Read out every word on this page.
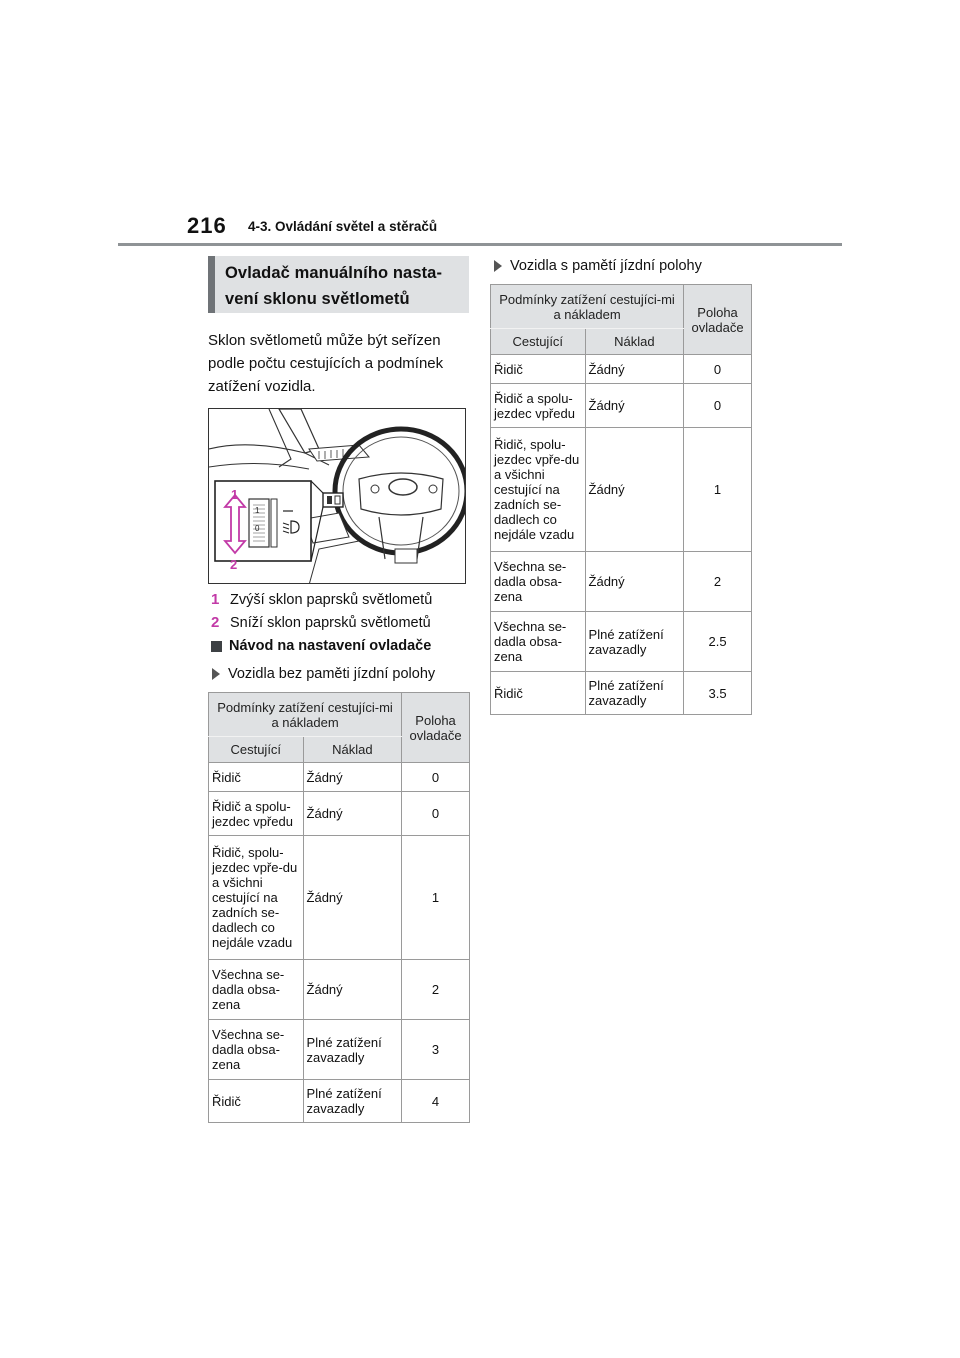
216 4-3. Ovládání světel a stěračů
Ovladač manuálního nasta-
vení sklonu světlometů
Sklon světlometů může být seřízen
podle počtu cestujících a podmínek
zatížení vozidla.
1
2
1
0
1 Zvýší sklon paprsků světlometů
2 Sníží sklon paprsků světlometů
Návod na nastavení ovladače
Vozidla bez paměti jízdní polohy
Podmínky zatížení cestujíci-mi a nákladem		Poloha ovladače
Cestující	Náklad	
Řidič	Žádný	0
Řidič a spolu-jezdec vpředu	Žádný	0
Řidič, spolu-jezdec vpře-du a všichni cestující na zadních se-dadlech co nejdále vzadu	Žádný	1
Všechna se-dadla obsa-zena	Žádný	2
Všechna se-dadla obsa-zena	Plné zatížení zavazadly	3
Řidič	Plné zatížení zavazadly	4
Vozidla s pamětí jízdní polohy
Podmínky zatížení cestujíci-mi a nákladem		Poloha ovladače
Cestující	Náklad	
Řidič	Žádný	0
Řidič a spolu-jezdec vpředu	Žádný	0
Řidič, spolu-jezdec vpře-du a všichni cestující na zadních se-dadlech co nejdále vzadu	Žádný	1
Všechna se-dadla obsa-zena	Žádný	2
Všechna se-dadla obsa-zena	Plné zatížení zavazadly	2.5
Řidič	Plné zatížení zavazadly	3.5
